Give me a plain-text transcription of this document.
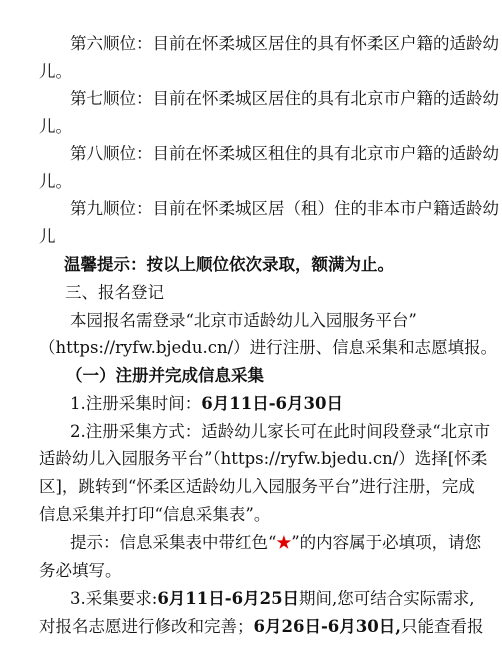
第六顺位：目前在怀柔城区居住的具有怀柔区户籍的适龄幼
儿。
第七顺位：目前在怀柔城区居住的具有北京市户籍的适龄幼
儿。
第八顺位：目前在怀柔城区租住的具有北京市户籍的适龄幼
儿。
第九顺位：目前在怀柔城区居（租）住的非本市户籍适龄幼
儿
温馨提示：按以上顺位依次录取，额满为止。
三、报名登记
本园报名需登录“北京市适龄幼儿入园服务平台”
（https://ryfw.bjedu.cn/）进行注册、信息采集和志愿填报。
（一）注册并完成信息采集
1.注册采集时间：6月11日-6月30日
2.注册采集方式：适龄幼儿家长可在此时间段登录“北京市
适龄幼儿入园服务平台”（https://ryfw.bjedu.cn/）选择[怀柔
区]，跳转到“怀柔区适龄幼儿入园服务平台”进行注册，完成
信息采集并打印“信息采集表”。
提示：信息采集表中带红色“★”的内容属于必填项，请您
务必填写。
3.采集要求:6月11日-6月25日期间,您可结合实际需求,
对报名志愿进行修改和完善；6月26日-6月30日,只能查看报
